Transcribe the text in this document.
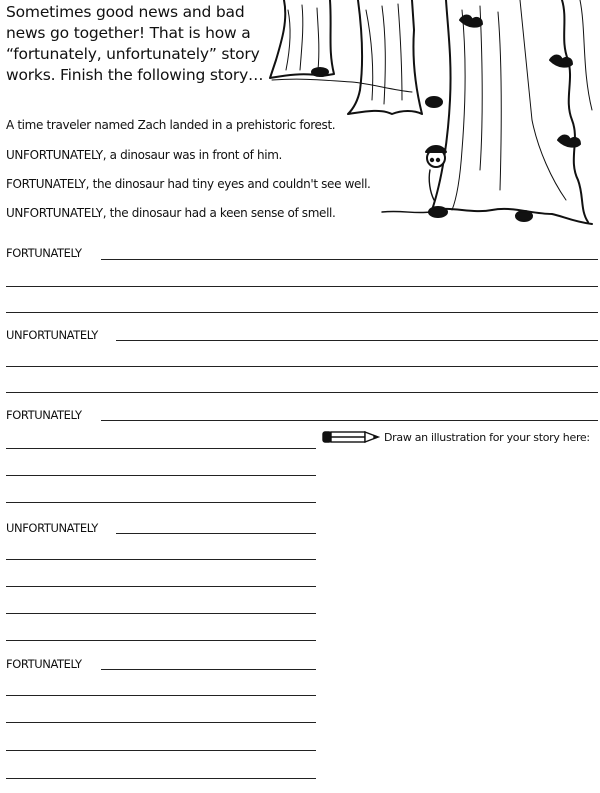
Sometimes good news and bad
news go together! That is how a
“fortunately, unfortunately” story
works. Finish the following story…
A time traveler named Zach landed in a prehistoric forest.
UNFORTUNATELY, a dinosaur was in front of him.
FORTUNATELY, the dinosaur had tiny eyes and couldn't see well.
UNFORTUNATELY, the dinosaur had a keen sense of smell.
FORTUNATELY
UNFORTUNATELY
FORTUNATELY
UNFORTUNATELY
FORTUNATELY
Draw an illustration for your story here:
